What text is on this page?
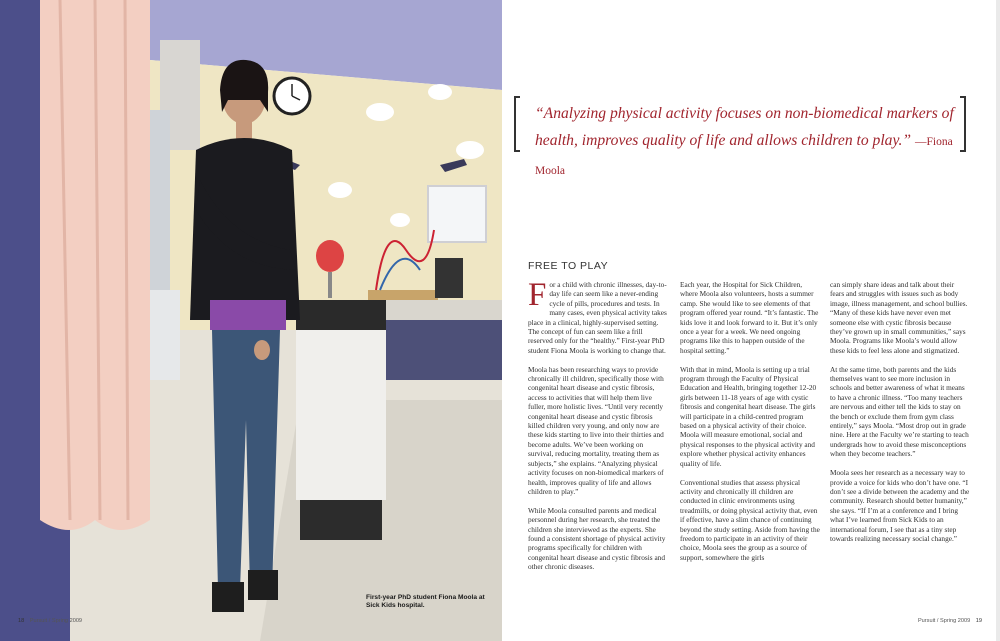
First-year PhD student Fiona Moola at Sick Kids hospital.
18 Pursuit / Spring 2009
“Analyzing physical activity focuses on non-biomedical markers of health, improves quality of life and allows children to play.” —Fiona Moola
FREE TO PLAY

For a child with chronic illnesses, day-to-day life can seem like a never-ending cycle of pills, procedures and tests. In many cases, even physical activity takes place in a clinical, highly-supervised setting. The concept of fun can seem like a frill reserved only for the “healthy.” First-year PhD student Fiona Moola is working to change that.

Moola has been researching ways to provide chronically ill children, specifically those with congenital heart disease and cystic fibrosis, access to activities that will help them live fuller, more holistic lives. “Until very recently congenital heart disease and cystic fibrosis killed children very young, and only now are these kids starting to live into their thirties and become adults. We’ve been working on survival, reducing mortality, treating them as subjects,” she explains. “Analyzing physical activity focuses on non-biomedical markers of health, improves quality of life and allows children to play.”

While Moola consulted parents and medical personnel during her research, she treated the children she interviewed as the experts. She found a consistent shortage of physical activity programs specifically for children with congenital heart disease and cystic fibrosis and other chronic diseases.

Each year, the Hospital for Sick Children, where Moola also volunteers, hosts a summer camp. She would like to see elements of that program offered year round. “It’s fantastic. The kids love it and look forward to it. But it’s only once a year for a week. We need ongoing programs like this to happen outside of the hospital setting.”

With that in mind, Moola is setting up a trial program through the Faculty of Physical Education and Health, bringing together 12-20 girls between 11-18 years of age with cystic fibrosis and congenital heart disease. The girls will participate in a child-centred program based on a physical activity of their choice. Moola will measure emotional, social and physical responses to the physical activity and explore whether physical activity enhances quality of life.

Conventional studies that assess physical activity and chronically ill children are conducted in clinic environments using treadmills, or doing physical activity that, even if effective, have a slim chance of continuing beyond the study setting. Aside from having the freedom to participate in an activity of their choice, Moola sees the group as a source of support, somewhere the girls

can simply share ideas and talk about their fears and struggles with issues such as body image, illness management, and school bullies. “Many of these kids have never even met someone else with cystic fibrosis because they’ve grown up in small communities,” says Moola. Programs like Moola’s would allow these kids to feel less alone and stigmatized.

At the same time, both parents and the kids themselves want to see more inclusion in schools and better awareness of what it means to have a chronic illness. “Too many teachers are nervous and either tell the kids to stay on the bench or exclude them from gym class entirely,” says Moola. “Most drop out in grade nine. Here at the Faculty we’re starting to teach undergrads how to avoid these misconceptions when they become teachers.”

Moola sees her research as a necessary way to provide a voice for kids who don’t have one. “I don’t see a divide between the academy and the community. Research should better humanity,” she says. “If I’m at a conference and I bring what I’ve learned from Sick Kids to an international forum, I see that as a tiny step towards realizing necessary social change.”

Pursuit / Spring 2009 19
